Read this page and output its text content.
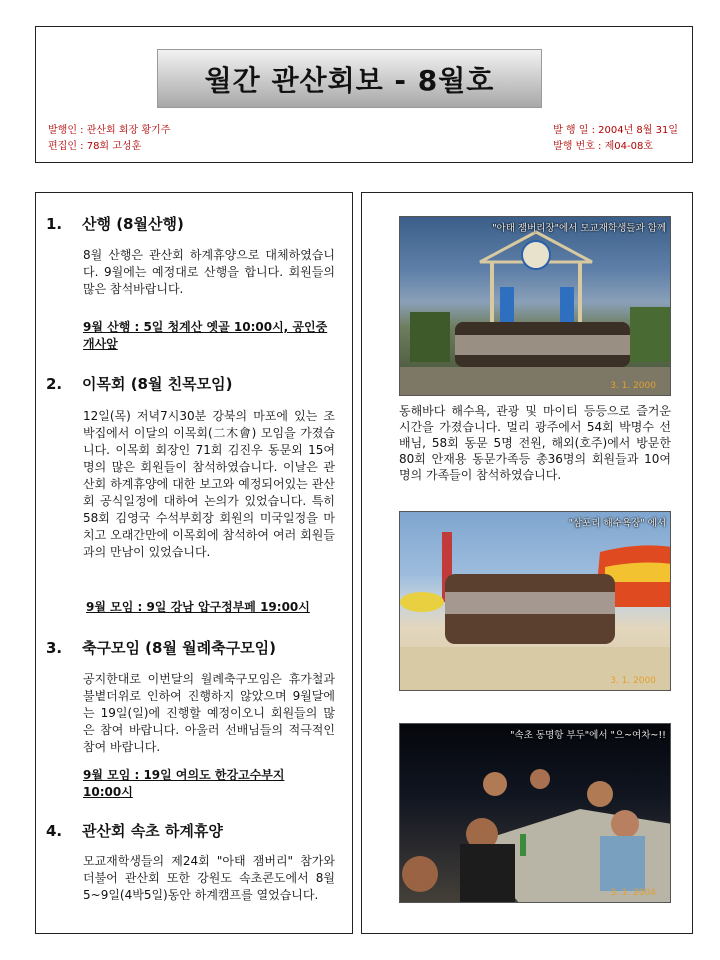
월간 관산회보 - 8월호
발행인 : 관산회 회장 황기주
편집인 : 78회 고성훈
발 행 일 : 2004년 8월 31일
발행 번호 : 제04-08호
1. 산행 (8월산행)
8월 산행은 관산회 하계휴양으로 대체하였습니다. 9월에는 예정대로 산행을 합니다. 회원들의 많은 참석바랍니다.
9월 산행 : 5일 청계산 옛골 10:00시, 공인중개사앞
2. 이목회 (8월 친목모임)
12일(목) 저녁7시30분 강북의 마포에 있는 조박집에서 이달의 이목회(二木會) 모임을 가졌습니다. 이목회 회장인 71회 김진우 동문외 15여명의 많은 회원들이 참석하였습니다. 이날은 관산회 하계휴양에 대한 보고와 예정되어있는 관산회 공식일정에 대하여 논의가 있었습니다. 특히 58회 김영국 수석부회장 회원의 미국일정을 마치고 오래간만에 이목회에 참석하여 여러 회원들과의 만남이 있었습니다.
9월 모임 : 9일 강남 압구정부페 19:00시
3. 축구모임 (8월 월례축구모임)
공지한대로 이번달의 월례축구모임은 휴가철과 불볕더위로 인하여 진행하지 않았으며 9월달에는 19일(일)에 진행할 예정이오니 회원들의 많은 참여 바랍니다. 아울러 선배님들의 적극적인 참여 바랍니다.
9월 모임 : 19일 여의도 한강고수부지 10:00시
4. 관산회 속초 하계휴양
모교재학생들의 제24회 "아태 잼버리" 참가와 더불어 관산회 또한 강원도 속초콘도에서 8월5~9일(4박5일)동안 하계캠프를 열었습니다.
"아태 잼버리장"에서 모교재학생들과 함께
3. 1. 2000
동해바다 해수욕, 관광 및 마이티 등등으로 즐거운 시간을 가졌습니다. 멀리 광주에서 54회 박명수 선배님, 58회 동문 5명 전원, 해외(호주)에서 방문한 80회 안재용 동문가족등 총36명의 회원들과 10여명의 가족들이 참석하였습니다.
"삼포리 해수욕장" 에서
3. 1. 2000
"속초 동명항 부두"에서 "으~여차~!!
3. 1. 2004
